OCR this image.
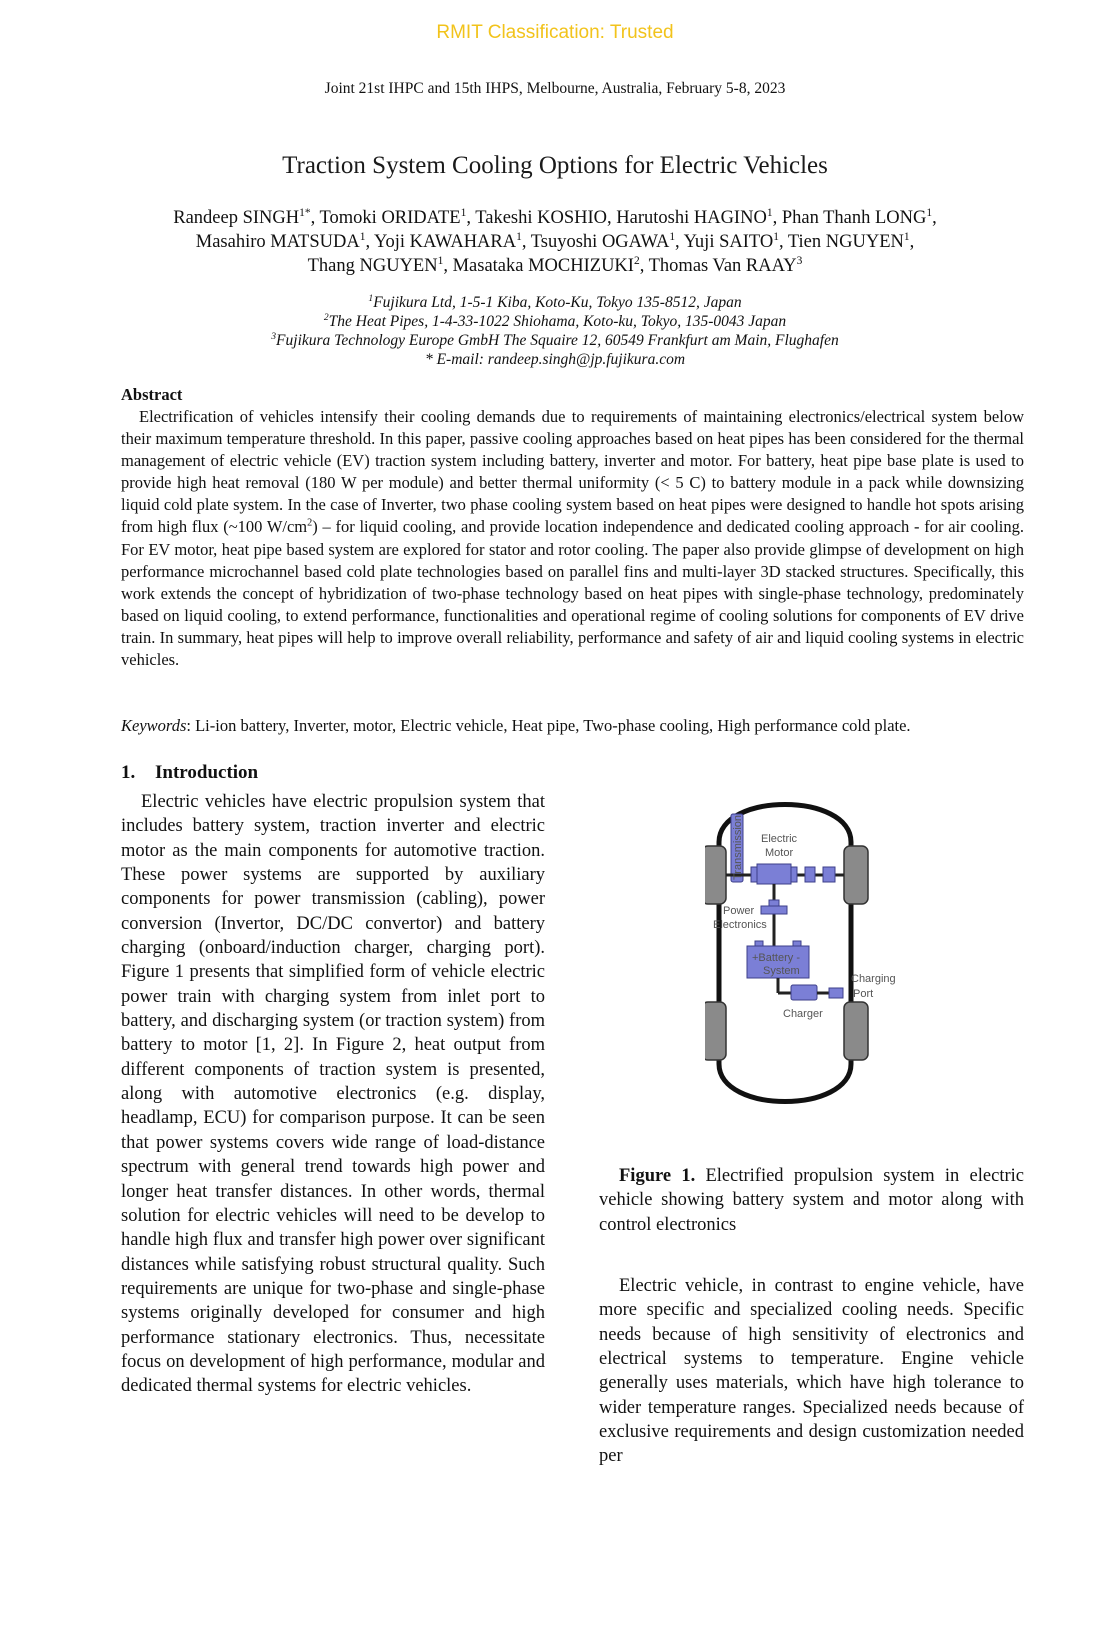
RMIT Classification: Trusted
Joint 21st IHPC and 15th IHPS, Melbourne, Australia, February 5-8, 2023
Traction System Cooling Options for Electric Vehicles
Randeep $SINGH^{1*}$, Tomoki ORIDATE$^1$, Takeshi KOSHIO, Harutoshi HAGINO$^1$, Phan Thanh LONG$^1$,
Masahiro MATSUDA$^1$, Yoji KAWAHARA$^1$, Tsuyoshi OGAWA$^1$, Yuji SAITO$^1$, Tien NGUYEN$^1$,
Thang NGUYEN$^1$, Masataka MOCHIZUKI$^2$, Thomas Van RAAY$^3$
$^1$Fujikura Ltd, 1-5-1 Kiba, Koto-Ku, Tokyo 135-8512, Japan
$^2$The Heat Pipes, 1-4-33-1022 Shiohama, Koto-ku, Tokyo, 135-0043 Japan
$^3$Fujikura Technology Europe GmbH The Squaire 12, 60549 Frankfurt am Main, Flughafen
* E-mail: randeep.singh@jp.fujikura.com
Abstract
Electrification of vehicles intensify their cooling demands due to requirements of maintaining electronics/electrical system below their maximum temperature threshold. In this paper, passive cooling approaches based on heat pipes has been considered for the thermal management of electric vehicle (EV) traction system including battery, inverter and motor. For battery, heat pipe base plate is used to provide high heat removal (180 W per module) and better thermal uniformity (< 5 C) to battery module in a pack while downsizing liquid cold plate system. In the case of Inverter, two phase cooling system based on heat pipes were designed to handle hot spots arising from high flux (~100 $W/cm^2$) – for liquid cooling, and provide location independence and dedicated cooling approach - for air cooling. For EV motor, heat pipe based system are explored for stator and rotor cooling. The paper also provide glimpse of development on high performance microchannel based cold plate technologies based on parallel fins and multi-layer 3D stacked structures. Specifically, this work extends the concept of hybridization of two-phase technology based on heat pipes with single-phase technology, predominately based on liquid cooling, to extend performance, functionalities and operational regime of cooling solutions for components of EV drive train. In summary, heat pipes will help to improve overall reliability, performance and safety of air and liquid cooling systems in electric vehicles.
Keywords: Li-ion battery, Inverter, motor, Electric vehicle, Heat pipe, Two-phase cooling, High performance cold plate.
1. Introduction
Electric vehicles have electric propulsion system that includes battery system, traction inverter and electric motor as the main components for automotive traction. These power systems are supported by auxiliary components for power transmission (cabling), power conversion (Invertor, DC/DC convertor) and battery charging (onboard/induction charger, charging port). Figure 1 presents that simplified form of vehicle electric power train with charging system from inlet port to battery, and discharging system (or traction system) from battery to motor [1, 2]. In Figure 2, heat output from different components of traction system is presented, along with automotive electronics (e.g. display, headlamp, ECU) for comparison purpose. It can be seen that power systems covers wide range of load-distance spectrum with general trend towards high power and longer heat transfer distances. In other words, thermal solution for electric vehicles will need to be develop to handle high flux and transfer high power over significant distances while satisfying robust structural quality. Such requirements are unique for two-phase and single-phase systems originally developed for consumer and high performance stationary electronics. Thus, necessitate focus on development of high performance, modular and dedicated thermal systems for electric vehicles.
Transmission Electric
Motor
Power
Electronics
+Battery -
System
Charging
Port
Charger
Figure 1. Electrified propulsion system in electric vehicle showing battery system and motor along with control electronics
Electric vehicle, in contrast to engine vehicle, have more specific and specialized cooling needs. Specific needs because of high sensitivity of electronics and electrical systems to temperature. Engine vehicle generally uses materials, which have high tolerance to wider temperature ranges. Specialized needs because of exclusive requirements and design customization needed per
